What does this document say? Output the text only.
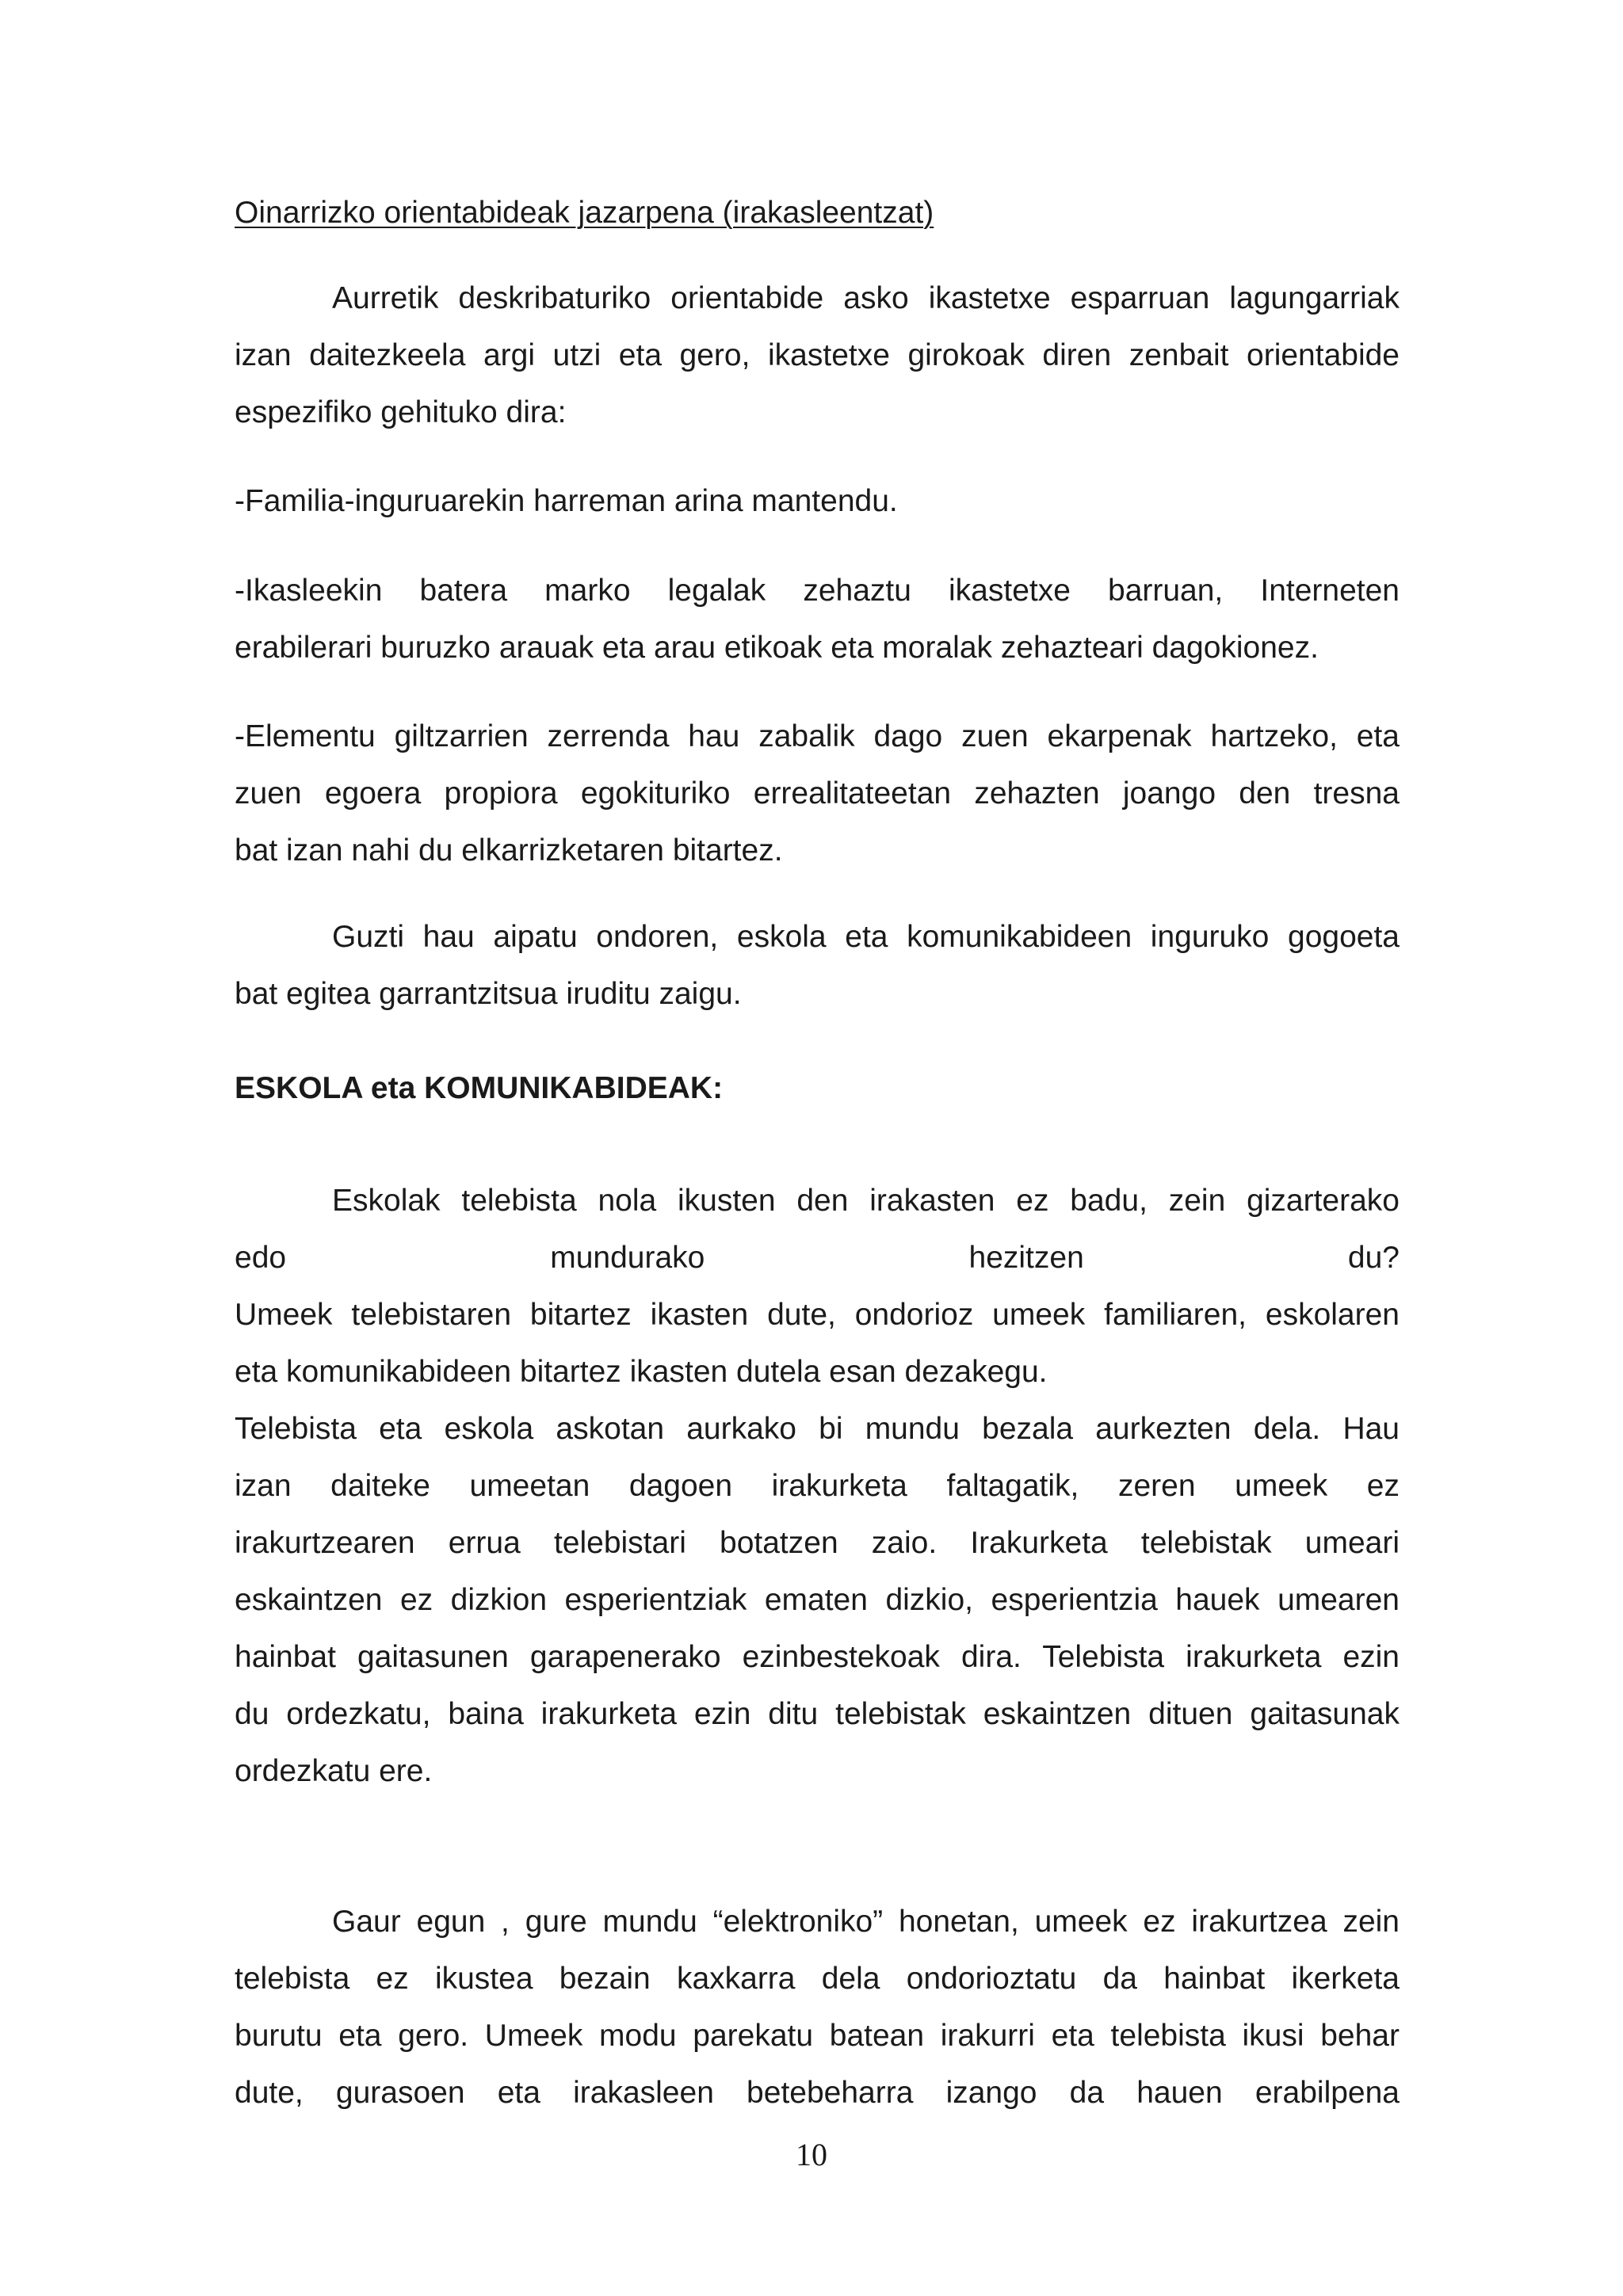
Oinarrizko orientabideak jazarpena (irakasleentzat)
Aurretik deskribaturiko orientabide asko ikastetxe esparruan lagungarriak
izan daitezkeela argi utzi eta gero, ikastetxe girokoak diren zenbait orientabide
espezifiko gehituko dira:
-Familia-inguruarekin harreman arina mantendu.
-Ikasleekin batera marko legalak zehaztu ikastetxe barruan, Interneten
erabilerari buruzko arauak eta arau etikoak eta moralak zehazteari dagokionez.
-Elementu giltzarrien zerrenda hau zabalik dago zuen ekarpenak hartzeko, eta
zuen egoera propiora egokituriko errealitateetan zehazten joango den tresna
bat izan nahi du elkarrizketaren bitartez.
Guzti hau aipatu ondoren, eskola eta komunikabideen inguruko gogoeta
bat egitea garrantzitsua iruditu zaigu.
ESKOLA eta KOMUNIKABIDEAK:
Eskolak telebista nola ikusten den irakasten ez badu, zein gizarterako
edo mundurako hezitzen du?
Umeek telebistaren bitartez ikasten dute, ondorioz umeek familiaren, eskolaren
eta komunikabideen bitartez ikasten dutela esan dezakegu.
Telebista eta eskola askotan aurkako bi mundu bezala aurkezten dela. Hau
izan daiteke umeetan dagoen irakurketa faltagatik, zeren umeek ez
irakurtzearen errua telebistari botatzen zaio. Irakurketa telebistak umeari
eskaintzen ez dizkion esperientziak ematen dizkio, esperientzia hauek umearen
hainbat gaitasunen garapenerako ezinbestekoak dira. Telebista irakurketa ezin
du ordezkatu, baina irakurketa ezin ditu telebistak eskaintzen dituen gaitasunak
ordezkatu ere.
Gaur egun , gure mundu “elektroniko” honetan, umeek ez irakurtzea zein
telebista ez ikustea bezain kaxkarra dela ondorioztatu da hainbat ikerketa
burutu eta gero. Umeek modu parekatu batean irakurri eta telebista ikusi behar
dute, gurasoen eta irakasleen betebeharra izango da hauen erabilpena
10
